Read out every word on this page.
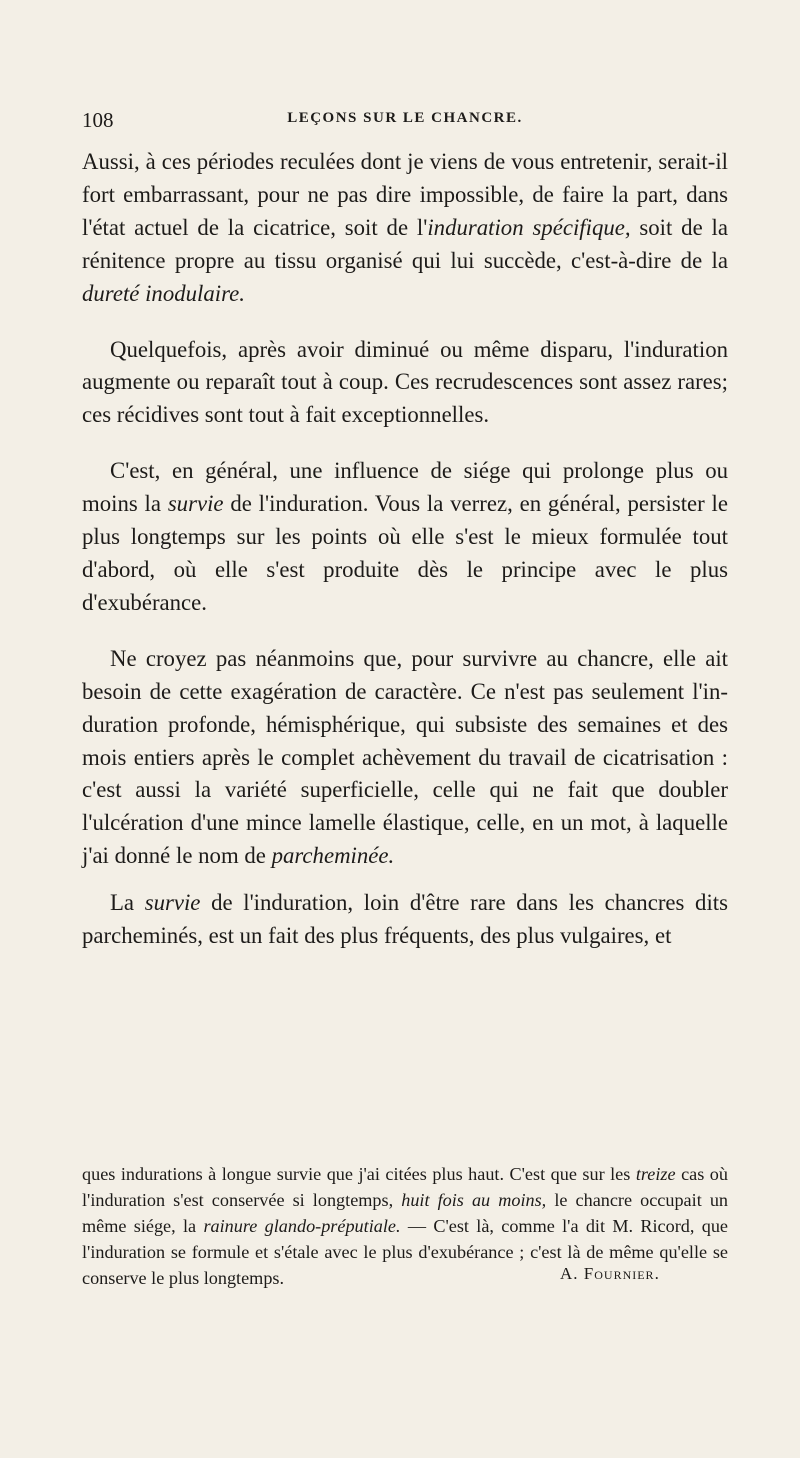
108	LEÇONS SUR LE CHANCRE.

Aussi, à ces périodes reculées dont je viens de vous entretenir, serait-il fort embarrassant, pour ne pas dire impossible, de faire la part, dans l'état actuel de la cicatrice, soit de l'induration spécifique, soit de la rénitence propre au tissu organisé qui lui succède, c'est-à-dire de la dureté inodulaire.

Quelquefois, après avoir diminué ou même disparu, l'induration augmente ou reparaît tout à coup. Ces recrudescences sont assez rares; ces récidives sont tout à fait exceptionnelles.

C'est, en général, une influence de siége qui prolonge plus ou moins la survie de l'induration. Vous la verrez, en général, persister le plus longtemps sur les points où elle s'est le mieux formulée tout d'abord, où elle s'est produite dès le principe avec le plus d'exubérance.

Ne croyez pas néanmoins que, pour survivre au chancre, elle ait besoin de cette exagération de caractère. Ce n'est pas seulement l'induration profonde, hémisphérique, qui subsiste des semaines et des mois entiers après le complet achèvement du travail de cicatrisation : c'est aussi la variété superficielle, celle qui ne fait que doubler l'ulcération d'une mince lamelle élastique, celle, en un mot, à laquelle j'ai donné le nom de parcheminée.

La survie de l'induration, loin d'être rare dans les chancres dits parcheminés, est un fait des plus fréquents, des plus vulgaires, et

ques indurations à longue survie que j'ai citées plus haut. C'est que sur les treize cas où l'induration s'est conservée si longtemps, huit fois au moins, le chancre occupait un même siége, la rainure glando-préputiale. — C'est là, comme l'a dit M. Ricord, que l'induration se formule et s'étale avec le plus d'exubérance ; c'est là de même qu'elle se conserve le plus longtemps.	A. Fournier.
